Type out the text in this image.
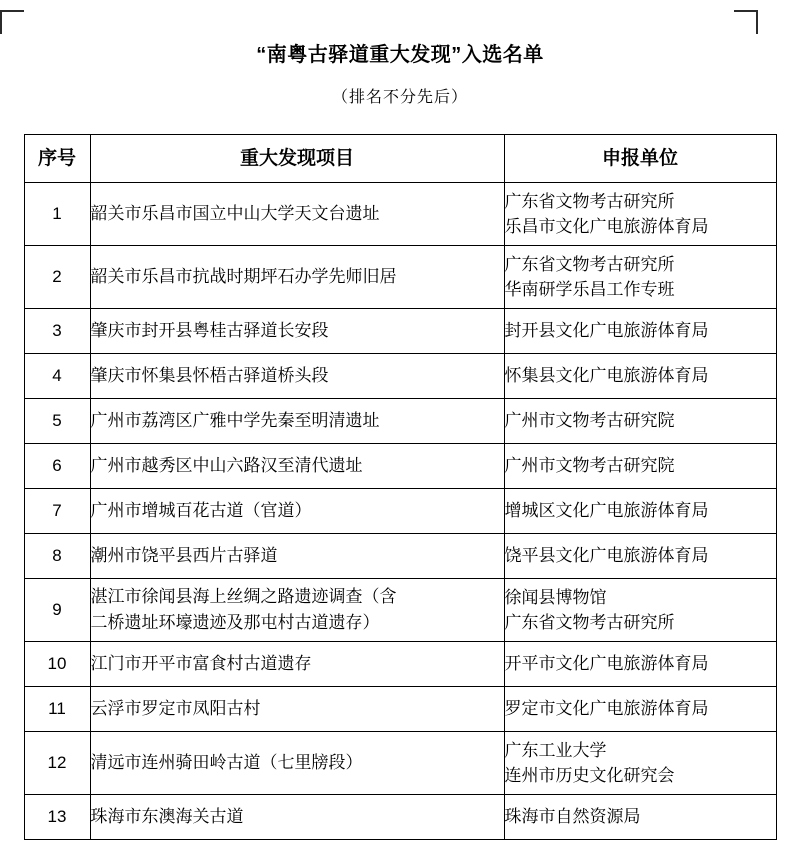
“南粤古驿道重大发现”入选名单
（排名不分先后）
序号	重大发现项目	申报单位
1	韶关市乐昌市国立中山大学天文台遗址	广东省文物考古研究所
乐昌市文化广电旅游体育局

2	韶关市乐昌市抗战时期坪石办学先师旧居	广东省文物考古研究所
华南研学乐昌工作专班

3	肇庆市封开县粤桂古驿道长安段	封开县文化广电旅游体育局

4	肇庆市怀集县怀梧古驿道桥头段	怀集县文化广电旅游体育局

5	广州市荔湾区广雅中学先秦至明清遗址	广州市文物考古研究院

6	广州市越秀区中山六路汉至清代遗址	广州市文物考古研究院

7	广州市增城百花古道（官道）	增城区文化广电旅游体育局

8	潮州市饶平县西片古驿道	饶平县文化广电旅游体育局

9	湛江市徐闻县海上丝绸之路遗迹调查（含
二桥遗址环壕遗迹及那屯村古道遗存）	徐闻县博物馆
广东省文物考古研究所

10	江门市开平市富食村古道遗存	开平市文化广电旅游体育局

11	云浮市罗定市凤阳古村	罗定市文化广电旅游体育局

12	清远市连州骑田岭古道（七里牓段）	广东工业大学
连州市历史文化研究会

13	珠海市东澳海关古道	珠海市自然资源局
